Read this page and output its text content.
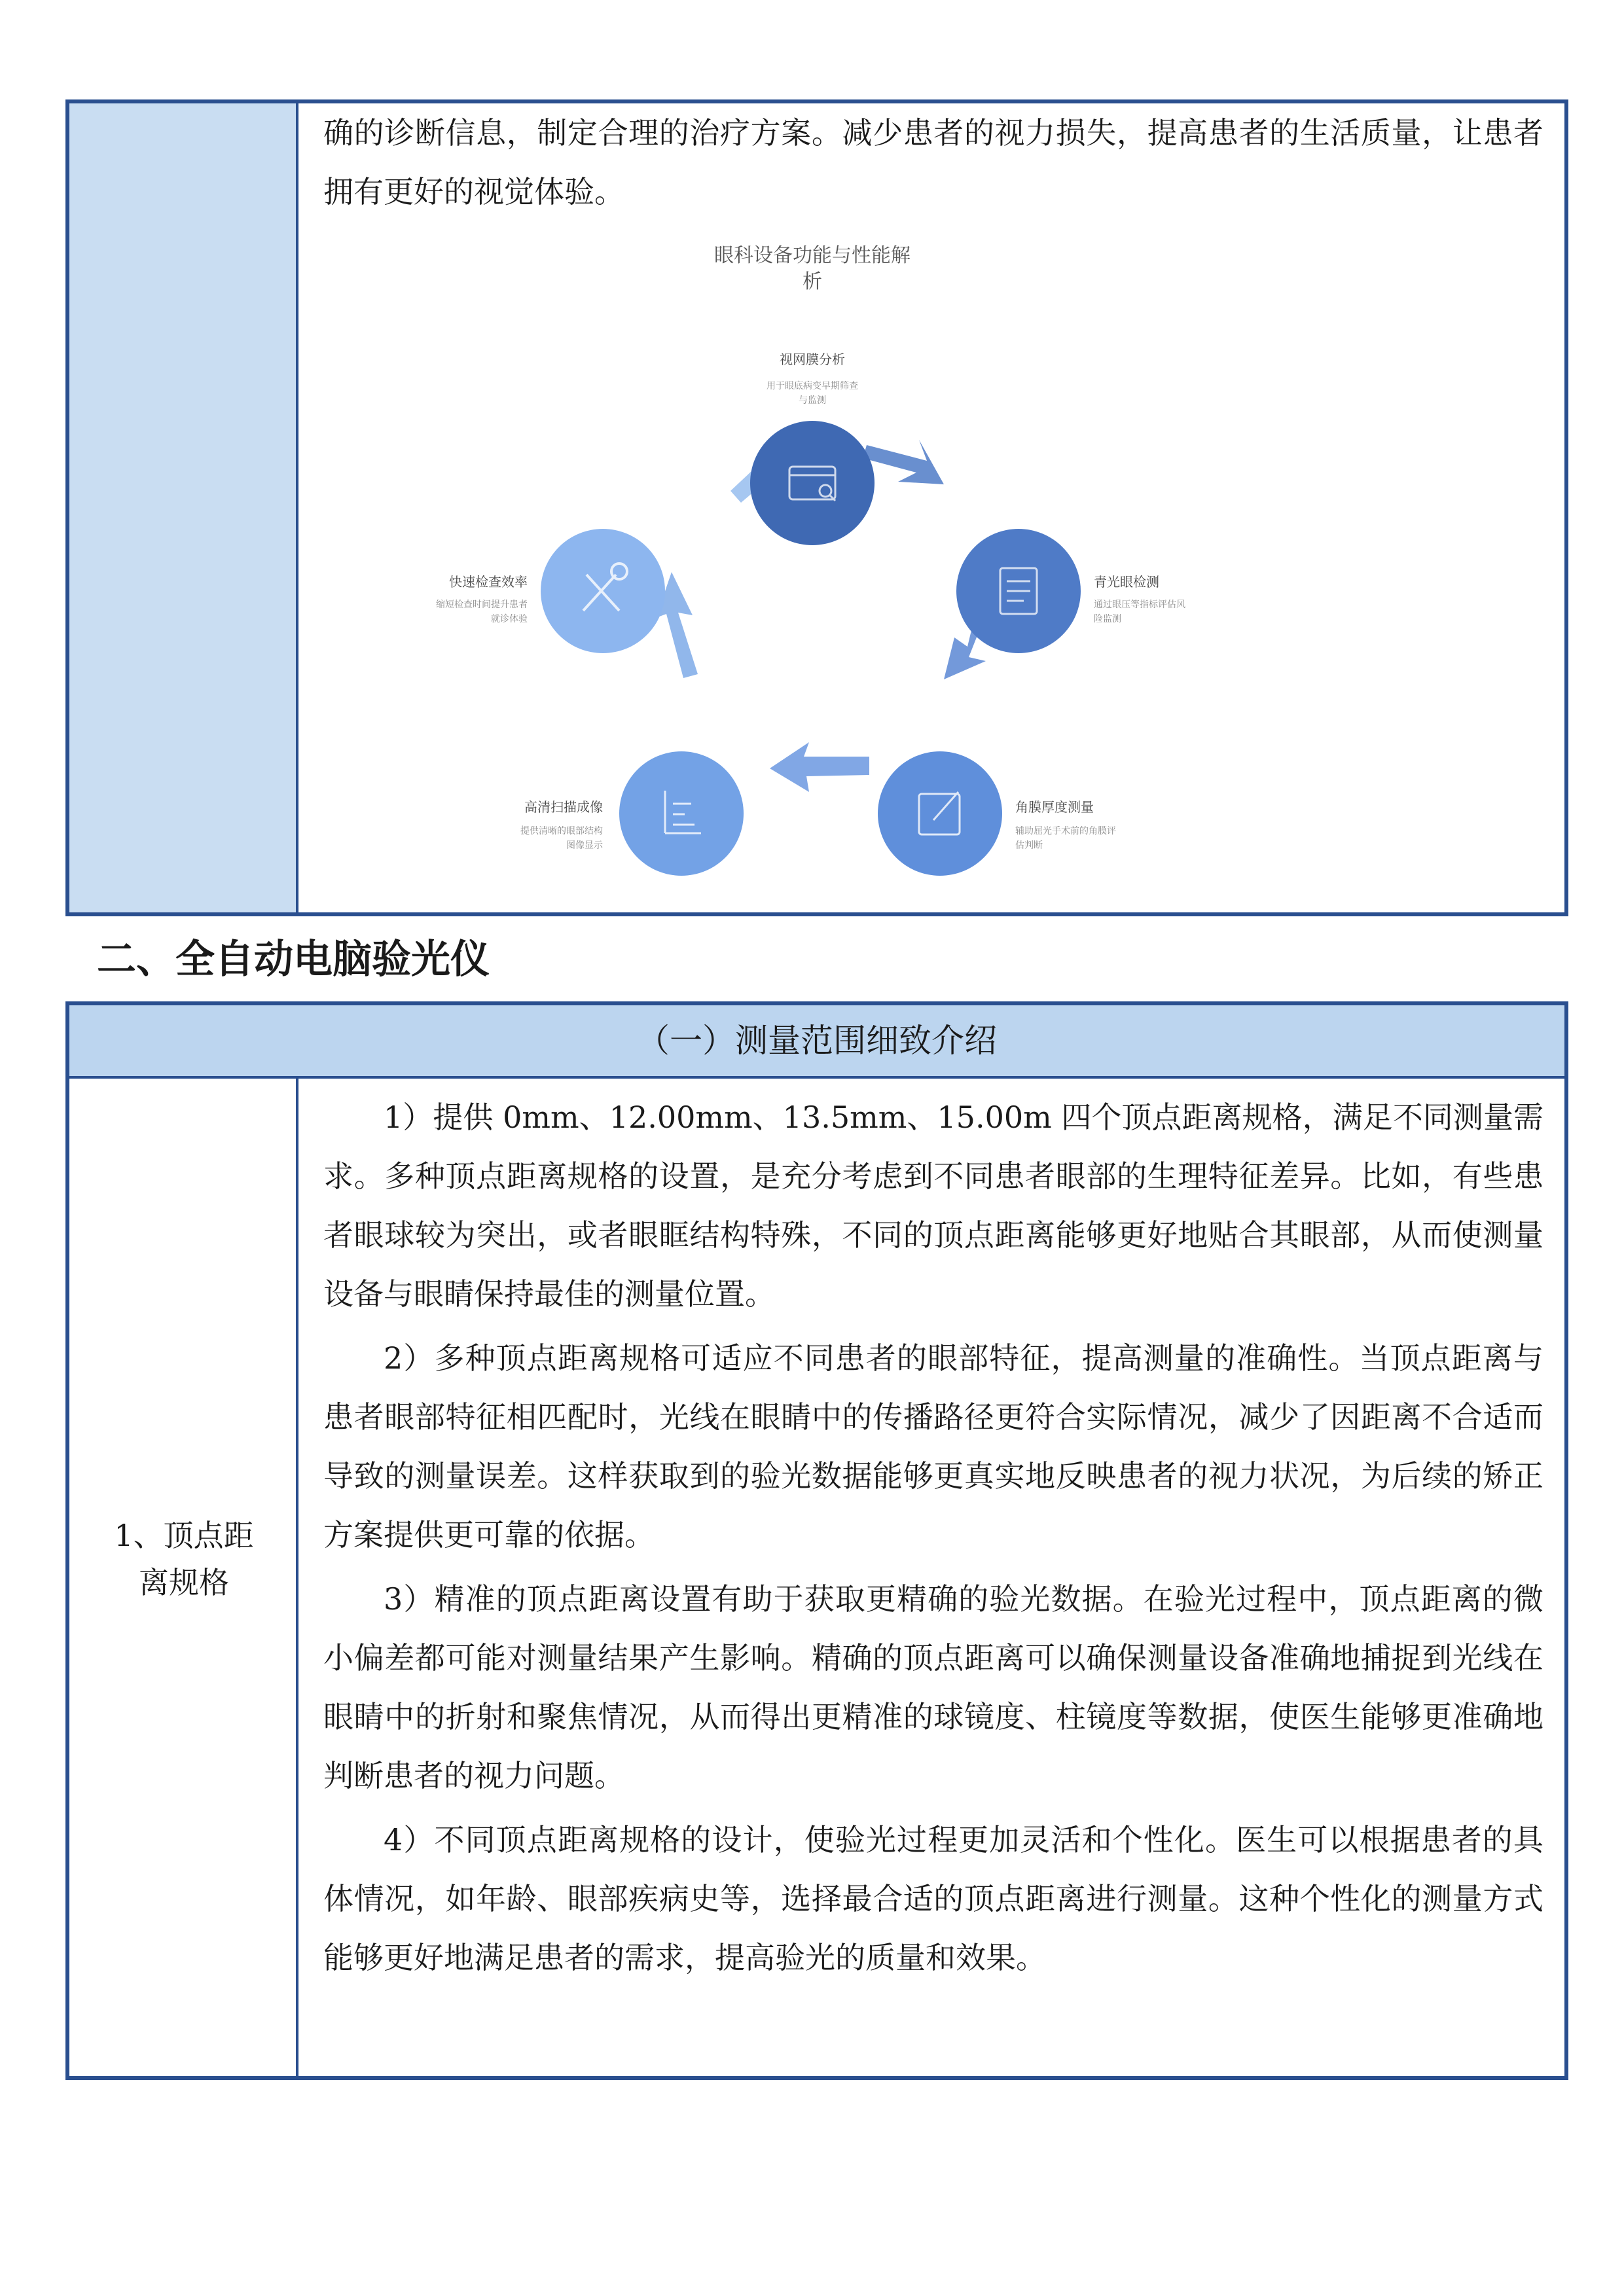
确的诊断信息，制定合理的治疗方案。减少患者的视力损失，提高患者的生活质量，让患者拥有更好的视觉体验。

眼科设备功能与性能解
析
视网膜分析
用于眼底病变早期筛查
与监测
青光眼检测
通过眼压等指标评估风
险监测
角膜厚度测量
辅助屈光手术前的角膜评
估判断
高清扫描成像
提供清晰的眼部结构
图像显示
快速检查效率
缩短检查时间提升患者
就诊体验
二、全自动电脑验光仪
（一）测量范围细致介绍
1、顶点距
离规格

1）提供 0mm、12.00mm、13.5mm、15.00m 四个顶点距离规格，满足不同测量需求。多种顶点距离规格的设置，是充分考虑到不同患者眼部的生理特征差异。比如，有些患者眼球较为突出，或者眼眶结构特殊，不同的顶点距离能够更好地贴合其眼部，从而使测量设备与眼睛保持最佳的测量位置。

2）多种顶点距离规格可适应不同患者的眼部特征，提高测量的准确性。当顶点距离与患者眼部特征相匹配时，光线在眼睛中的传播路径更符合实际情况，减少了因距离不合适而导致的测量误差。这样获取到的验光数据能够更真实地反映患者的视力状况，为后续的矫正方案提供更可靠的依据。

3）精准的顶点距离设置有助于获取更精确的验光数据。在验光过程中，顶点距离的微小偏差都可能对测量结果产生影响。精确的顶点距离可以确保测量设备准确地捕捉到光线在眼睛中的折射和聚焦情况，从而得出更精准的球镜度、柱镜度等数据，使医生能够更准确地判断患者的视力问题。

4）不同顶点距离规格的设计，使验光过程更加灵活和个性化。医生可以根据患者的具体情况，如年龄、眼部疾病史等，选择最合适的顶点距离进行测量。这种个性化的测量方式能够更好地满足患者的需求，提高验光的质量和效果。
